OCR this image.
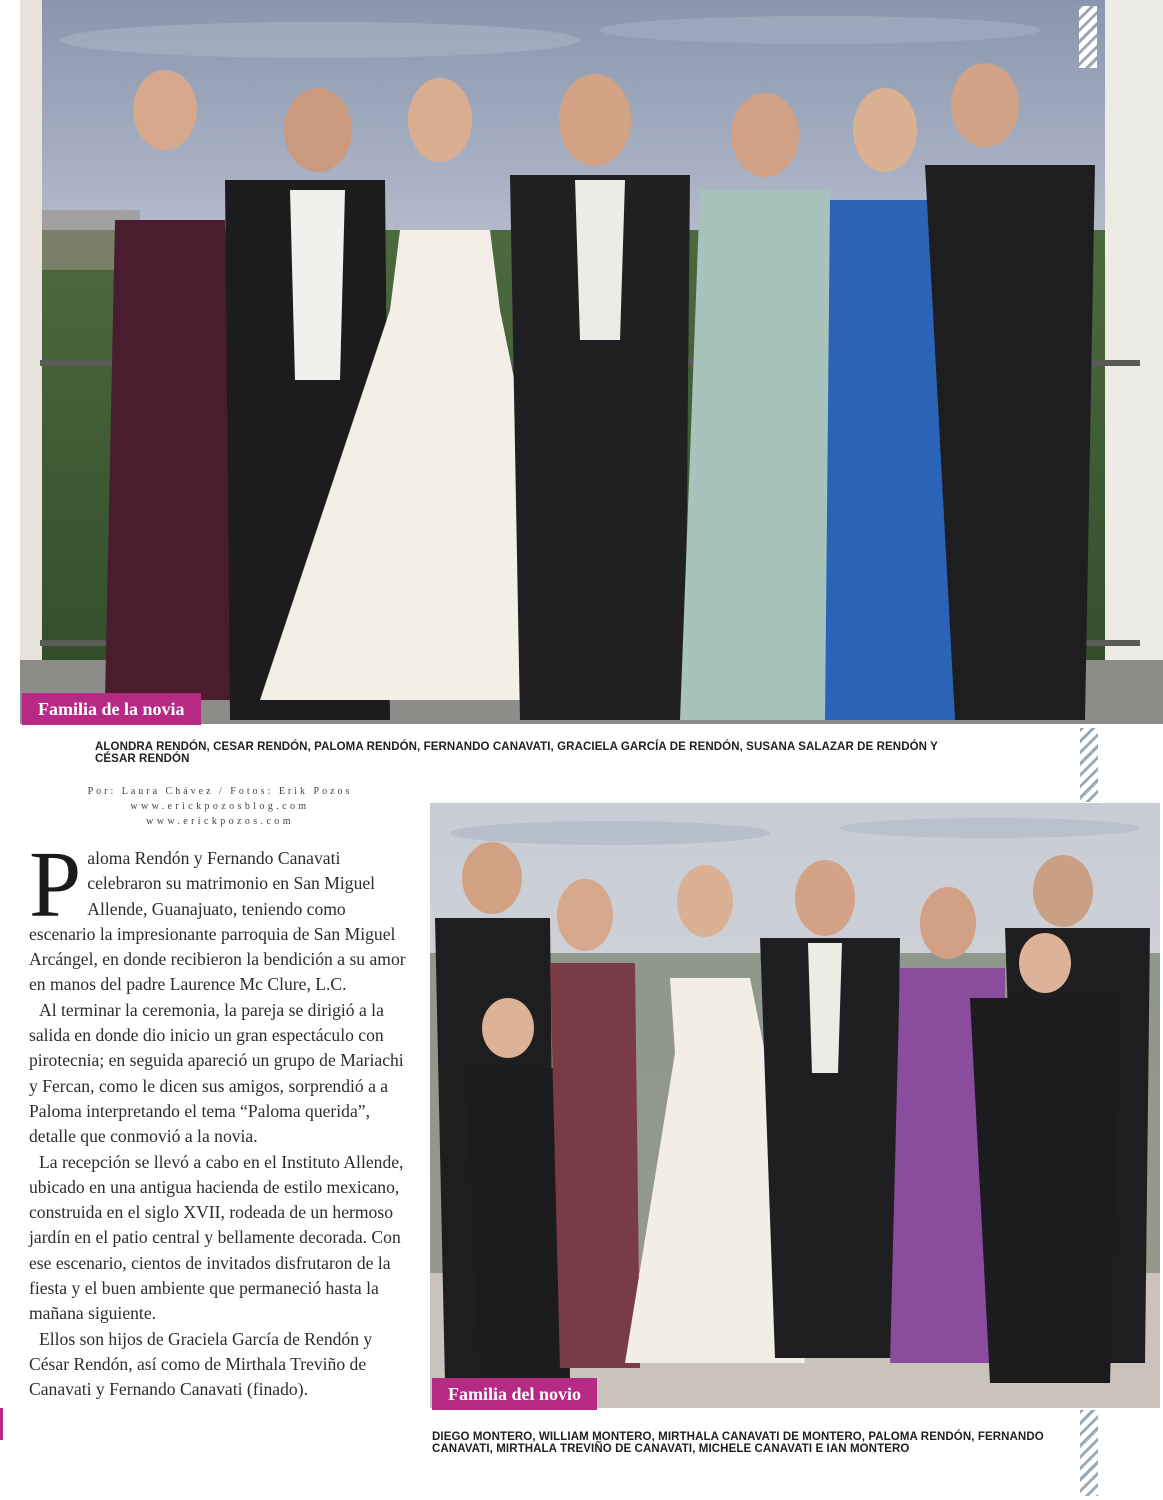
Familia de la novia
ALONDRA RENDÓN, CESAR RENDÓN, PALOMA RENDÓN, FERNANDO CANAVATI, GRACIELA GARCÍA DE RENDÓN, SUSANA SALAZAR DE RENDÓN Y CÉSAR RENDÓN
Por: Laura Chávez / Fotos: Erik Pozos
www.erickpozosblog.com
www.erickpozos.com

Paloma Rendón y Fernando Canavati celebraron su matrimonio en San Miguel Allende, Guanajuato, teniendo como escenario la impresionante parroquia de San Miguel Arcángel, en donde recibieron la bendición a su amor en manos del padre Laurence Mc Clure, L.C.

Al terminar la ceremonia, la pareja se dirigió a la salida en donde dio inicio un gran espectáculo con pirotecnia; en seguida apareció un grupo de Mariachi y Fercan, como le dicen sus amigos, sorprendió a a Paloma interpretando el tema “Paloma querida”, detalle que conmovió a la novia.

La recepción se llevó a cabo en el Instituto Allende, ubicado en una antigua hacienda de estilo mexicano, construida en el siglo XVII, rodeada de un hermoso jardín en el patio central y bellamente decorada. Con ese escenario, cientos de invitados disfrutaron de la fiesta y el buen ambiente que permaneció hasta la mañana siguiente.

Ellos son hijos de Graciela García de Rendón y César Rendón, así como de Mirthala Treviño de Canavati y Fernando Canavati (finado).	Familia del novio
DIEGO MONTERO, WILLIAM MONTERO, MIRTHALA CANAVATI DE MONTERO, PALOMA RENDÓN, FERNANDO CANAVATI, MIRTHALA TREVIÑO DE CANAVATI, MICHELE CANAVATI E IAN MONTERO
